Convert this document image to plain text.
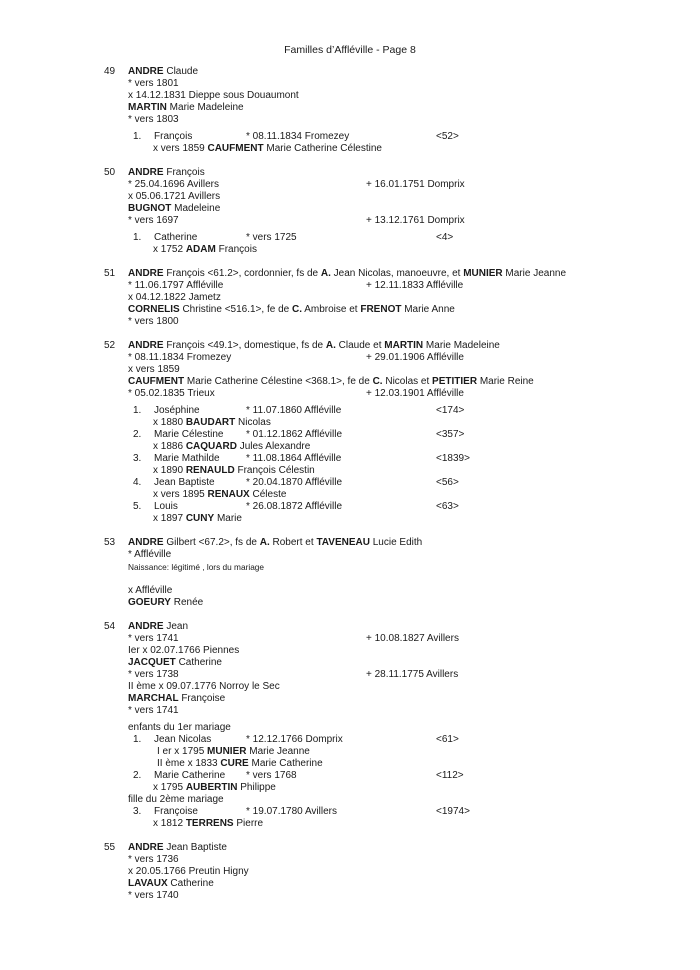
Familles d’Affléville - Page 8
49 ANDRE Claude
* vers 1801
x 14.12.1831 Dieppe sous Douaumont
MARTIN Marie Madeleine
* vers 1803
1. François	* 08.11.1834 Fromezey	<52>
x vers 1859 CAUFMENT Marie Catherine Célestine
50 ANDRE François
* 25.04.1696 Avillers	+ 16.01.1751 Domprix
x 05.06.1721 Avillers
BUGNOT Madeleine
* vers 1697	+ 13.12.1761 Domprix
1. Catherine	* vers 1725	<4>
x 1752 ADAM François
51 ANDRE François <61.2>, cordonnier, fs de A. Jean Nicolas, manoeuvre, et MUNIER Marie Jeanne
* 11.06.1797 Affléville	+ 12.11.1833 Affléville
x 04.12.1822 Jametz
CORNELIS Christine <516.1>, fe de C. Ambroise et FRENOT Marie Anne
* vers 1800
52 ANDRE François <49.1>, domestique, fs de A. Claude et MARTIN Marie Madeleine
* 08.11.1834 Fromezey	+ 29.01.1906 Affléville
x vers 1859
CAUFMENT Marie Catherine Célestine <368.1>, fe de C. Nicolas et PETITIER Marie Reine
* 05.02.1835 Trieux	+ 12.03.1901 Affléville
1. Joséphine	* 11.07.1860 Affléville	<174>
x 1880 BAUDART Nicolas
2. Marie Célestine * 01.12.1862 Affléville	<357>
x 1886 CAQUARD Jules Alexandre
3. Marie Mathilde	* 11.08.1864 Affléville	<1839>
x 1890 RENAULD François Célestin
4. Jean Baptiste	* 20.04.1870 Affléville	<56>
x vers 1895 RENAUX Céleste
5. Louis	* 26.08.1872 Affléville	<63>
x 1897 CUNY Marie
53 ANDRE Gilbert <67.2>, fs de A. Robert et TAVENEAU Lucie Edith
* Affléville
Naissance: légitimé , lors du mariage
x Affléville
GOEURY Renée
54 ANDRE Jean
* vers 1741	+ 10.08.1827 Avillers
Ier x 02.07.1766 Piennes
JACQUET Catherine
* vers 1738	+ 28.11.1775 Avillers
II ème x 09.07.1776 Norroy le Sec
MARCHAL Françoise
* vers 1741
enfants du 1er mariage
1. Jean Nicolas	* 12.12.1766 Domprix	<61>
I er x 1795 MUNIER Marie Jeanne
II ème x 1833 CURE Marie Catherine
2. Marie Catherine * vers 1768	<112>
x 1795 AUBERTIN Philippe
fille du 2ème mariage
3. Françoise	* 19.07.1780 Avillers	<1974>
x 1812 TERRENS Pierre
55 ANDRE Jean Baptiste
* vers 1736
x 20.05.1766 Preutin Higny
LAVAUX Catherine
* vers 1740
